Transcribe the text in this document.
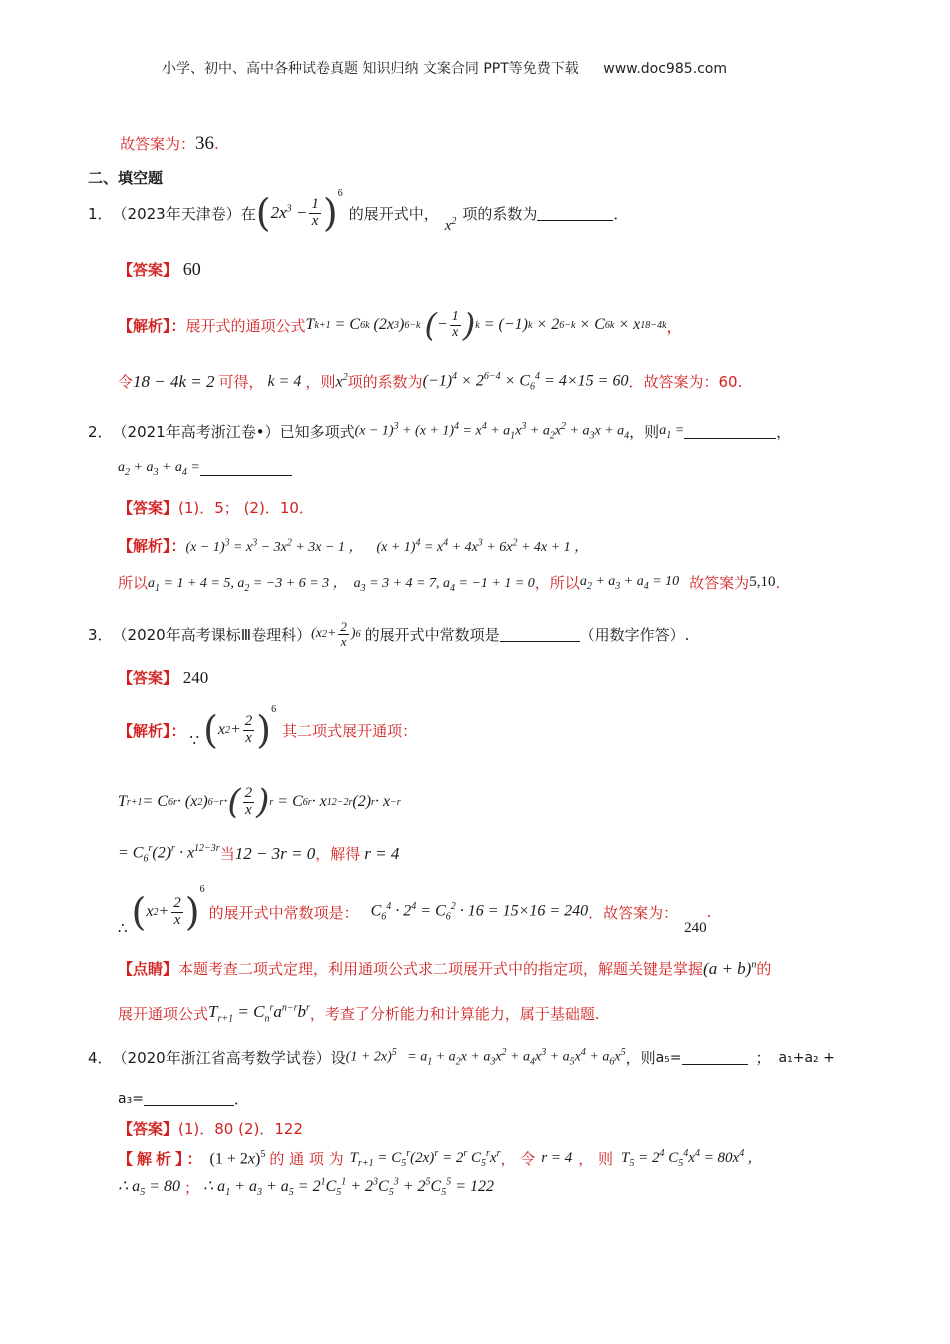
小学、初中、高中各种试卷真题 知识归纳 文案合同 PPT等免费下载 www.doc985.com
故答案为：36.
二、填空题
1． （2023年天津卷） 在 ( $2x^3 - \frac{1}{x} )^6$
的展开式中，
$x^2$ 项的系数为	．
【答案】 60
【解析】： 展开式的通项公式 T k+1 = C 6 k (2x 3 ) 6−k
( − $\frac{1}{x}$ ) k = (−1) k × 2 6−k × C 6 k × x 18−4k ，
令 18 − 4k = 2 可得， k = 4 ，则 $x^2$ 项的系数为 $(-1)^4 \times 2^{6-4} \times C_6^4 = 4\times 15 = 60$ ．故答案为：60.
2． （2021年高考浙江卷•） 已知多项式 $(x - 1)^3 + (x + 1)^4 = x^4 + a_1x^3 + a_2x^2 + a_3x + a_4$ ，则 $a_1$ =	，
$a_2 + a_3 + a_4$ =
【答案】(1)．5； (2)．10．
【解析】： $(x - 1)^3 = x^3 - 3x^2 + 3x - 1$ ，    $(x + 1)^4 = x^4 + 4x^3 + 6x^2 + 4x + 1$ ，
所以 $a_1 = 1 + 4 = 5$, $a_2 = -3 + 6 = 3$ ，  $a_3 = 3 + 4 = 7$, $a_4 = -1 + 1 = 0$ ，所以 $a_2 + a_3 + a_4 = 10$ 故答案为 5,10 .
3． （2020年高考课标Ⅲ卷理科） (x $2 + \frac{2}{x}$ ) 6 的展开式中常数项是	（用数字作答）.
【答案】 240
【解析】：
∵ ( x $2 + \frac{2}{x} )^6$
其二项式展开通项：
T r+1 = C 6 r · (x 2 ) 6−r · ( $\frac{2}{x}$ ) r = C 6 r · x 12−2r (2) r · x −r
= $C_6^r(2)^r \cdot x^{12-3r}$ 当 12 − 3r = 0 ，解得 r = 4
∴ ( x $2 + \frac{2}{x}$ )
$^6$
的展开式中常数项是： $C_6^4 \cdot 2^4 = C_6^2 \cdot 16 = 15\times 16 = 240$ ．故答案为：
240
.
【点睛】 本题考查二项式定理，利用通项公式求二项展开式中的指定项，解题关键是掌握 $(a + b)^n$ 的
展开通项公式 $T_{r+1} = C_n^ra^{n-r}b^r$ ，考查了分析能力和计算能力，属于基础题.
4． （2020年浙江省高考数学试卷） 设 $(1 + 2x)^5 = a_1 + a_2x + a_3x^2 + a_4x^3 + a_5x^4 + a_6x^5$ ，则 a₅=	； a₁+a₂ +
a₃=	．
【答案】(1)．80 (2)．122
【解析】： $(1 + 2x)^5$ 的 通 项 为 $T_{r+1} = C_5^r(2x)^r = 2^r$ $C_5^rx^r$ ， 令 r = 4 ， 则 $T_5 = 2^4$ $C_5^4x^4 = 80x^4$ ,
∴ $a_5 = 80$ ； ∴ $a_1 + a_3 + a_5 = 2^1C_5^1 + 2^3C_5^3 + 2^5C_5^5 = 122$
